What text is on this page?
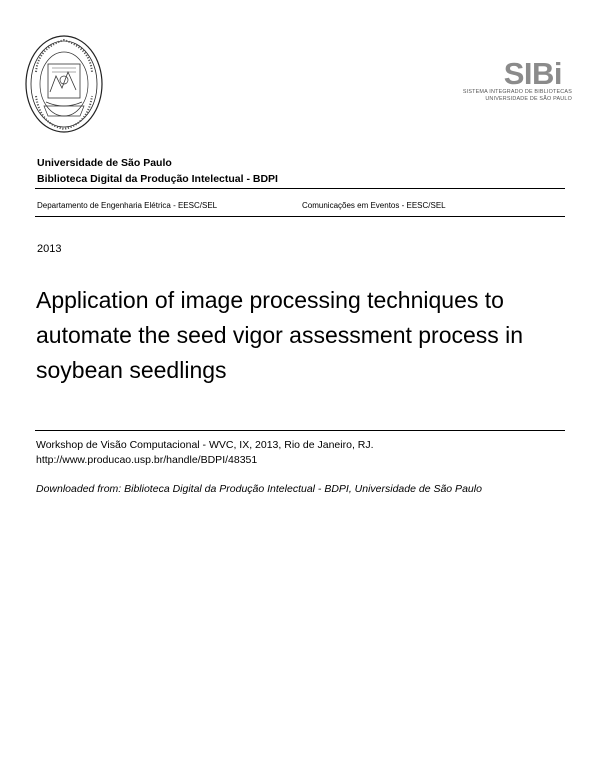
SIBi
SISTEMA INTEGRADO DE BIBLIOTECAS
UNIVERSIDADE DE SÃO PAULO
Universidade de São Paulo
Biblioteca Digital da Produção Intelectual - BDPI
Departamento de Engenharia Elétrica - EESC/SEL	Comunicações em Eventos - EESC/SEL
2013
Application of image processing techniques to automate the seed vigor assessment process in soybean seedlings
Workshop de Visão Computacional - WVC, IX, 2013, Rio de Janeiro, RJ.
http://www.producao.usp.br/handle/BDPI/48351
Downloaded from: Biblioteca Digital da Produção Intelectual - BDPI, Universidade de São Paulo
